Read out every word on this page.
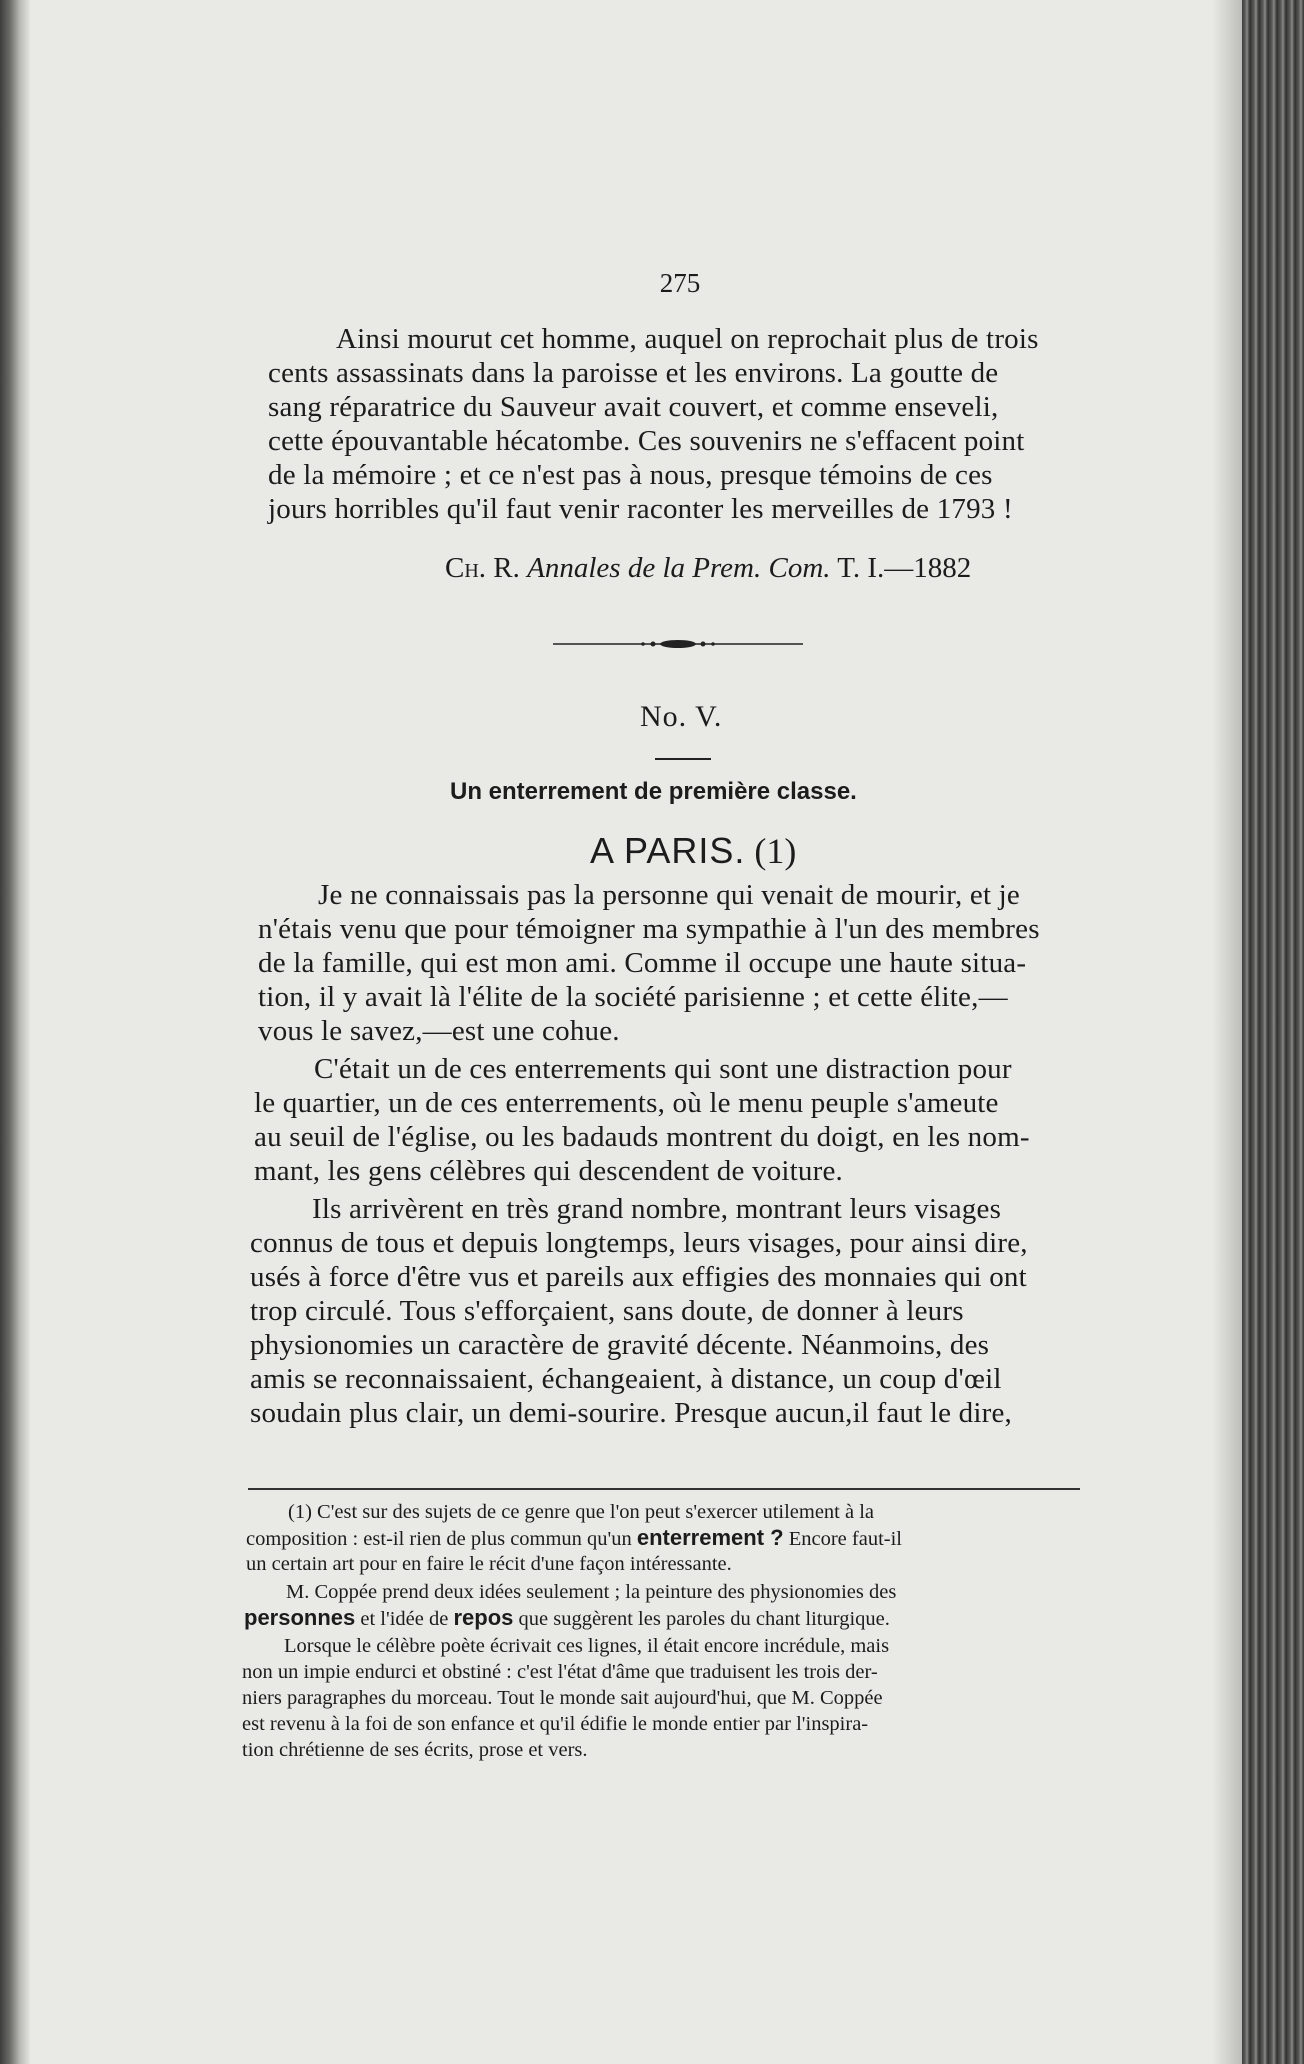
275
Ainsi mourut cet homme, auquel on reprochait plus de trois
cents assassinats dans la paroisse et les environs. La goutte de
sang réparatrice du Sauveur avait couvert, et comme enseveli,
cette épouvantable hécatombe. Ces souvenirs ne s'effacent point
de la mémoire ; et ce n'est pas à nous, presque témoins de ces
jours horribles qu'il faut venir raconter les merveilles de 1793 !
Ch. R. Annales de la Prem. Com. T. I.—1882
No. V.
Un enterrement de première classe.
A PARIS. (1)
Je ne connaissais pas la personne qui venait de mourir, et je
n'étais venu que pour témoigner ma sympathie à l'un des membres
de la famille, qui est mon ami. Comme il occupe une haute situa-
tion, il y avait là l'élite de la société parisienne ; et cette élite,—
vous le savez,—est une cohue.
C'était un de ces enterrements qui sont une distraction pour
le quartier, un de ces enterrements, où le menu peuple s'ameute
au seuil de l'église, ou les badauds montrent du doigt, en les nom-
mant, les gens célèbres qui descendent de voiture.
Ils arrivèrent en très grand nombre, montrant leurs visages
connus de tous et depuis longtemps, leurs visages, pour ainsi dire,
usés à force d'être vus et pareils aux effigies des monnaies qui ont
trop circulé. Tous s'efforçaient, sans doute, de donner à leurs
physionomies un caractère de gravité décente. Néanmoins, des
amis se reconnaissaient, échangeaient, à distance, un coup d'œil
soudain plus clair, un demi-sourire. Presque aucun,il faut le dire,
(1) C'est sur des sujets de ce genre que l'on peut s'exercer utilement à la
composition : est-il rien de plus commun qu'un enterrement ? Encore faut-il
un certain art pour en faire le récit d'une façon intéressante.
M. Coppée prend deux idées seulement ; la peinture des physionomies des
personnes et l'idée de repos que suggèrent les paroles du chant liturgique.
Lorsque le célèbre poète écrivait ces lignes, il était encore incrédule, mais
non un impie endurci et obstiné : c'est l'état d'âme que traduisent les trois der-
niers paragraphes du morceau. Tout le monde sait aujourd'hui, que M. Coppée
est revenu à la foi de son enfance et qu'il édifie le monde entier par l'inspira-
tion chrétienne de ses écrits, prose et vers.
